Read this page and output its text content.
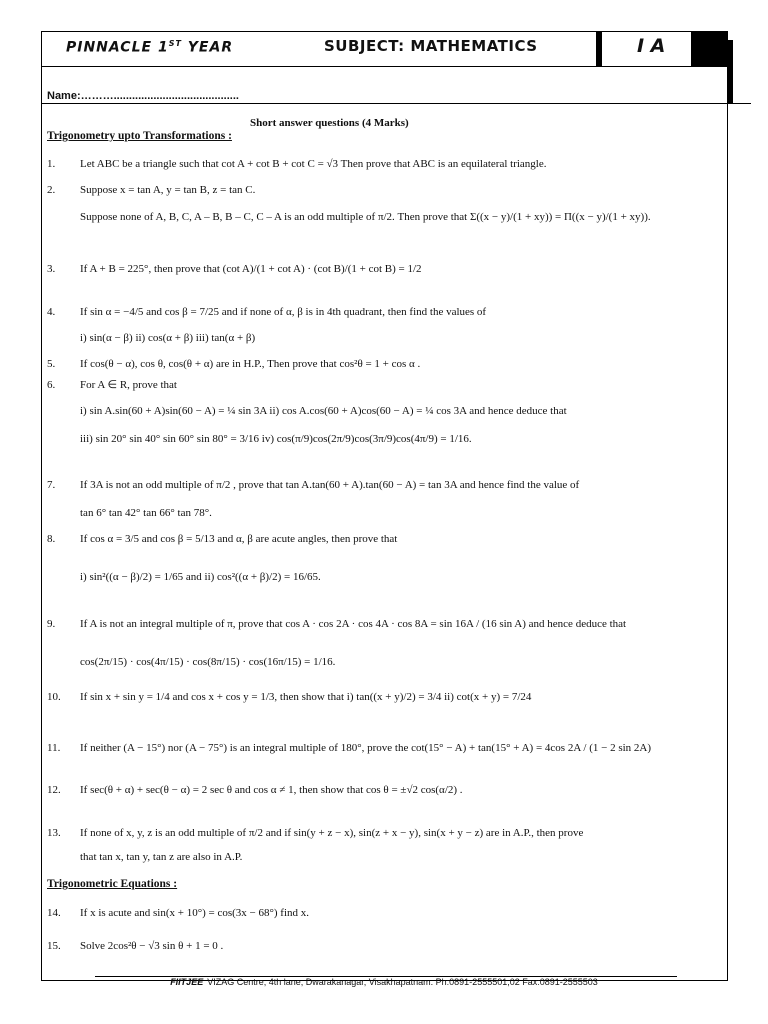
PINNACLE 1ST YEAR	SUBJECT: MATHEMATICS	I A
Name:……….........................................
Short answer questions (4 Marks)
Trigonometry upto Transformations :
1. Let ABC be a triangle such that cot A + cot B + cot C = √3 Then prove that ABC is an equilateral triangle.
2. Suppose x = tan A, y = tan B, z = tan C.
Suppose none of A, B, C, A – B, B – C, C – A is an odd multiple of π/2. Then prove that Σ((x − y)/(1 + xy)) = Π((x − y)/(1 + xy)).
3. If A + B = 225°, then prove that (cot A)/(1 + cot A) · (cot B)/(1 + cot B) = 1/2
4. If sin α = −4/5 and cos β = 7/25 and if none of α, β is in 4th quadrant, then find the values of
i) sin(α − β) ii) cos(α + β) iii) tan(α + β)
5. If cos(θ − α), cos θ, cos(θ + α) are in H.P., Then prove that cos²θ = 1 + cos α .
6. For A ∈ R, prove that
i) sin A.sin(60 + A)sin(60 − A) = ¼ sin 3A ii) cos A.cos(60 + A)cos(60 − A) = ¼ cos 3A and hence deduce that
iii) sin 20° sin 40° sin 60° sin 80° = 3/16 iv) cos(π/9)cos(2π/9)cos(3π/9)cos(4π/9) = 1/16.
7. If 3A is not an odd multiple of π/2 , prove that tan A.tan(60 + A).tan(60 − A) = tan 3A and hence find the value of
tan 6° tan 42° tan 66° tan 78°.
8. If cos α = 3/5 and cos β = 5/13 and α, β are acute angles, then prove that
i) sin²((α − β)/2) = 1/65 and ii) cos²((α + β)/2) = 16/65.
9. If A is not an integral multiple of π, prove that cos A · cos 2A · cos 4A · cos 8A = sin 16A / (16 sin A) and hence deduce that
cos(2π/15) · cos(4π/15) · cos(8π/15) · cos(16π/15) = 1/16.
10. If sin x + sin y = 1/4 and cos x + cos y = 1/3, then show that i) tan((x + y)/2) = 3/4 ii) cot(x + y) = 7/24
11. If neither (A − 15°) nor (A − 75°) is an integral multiple of 180°, prove the cot(15° − A) + tan(15° + A) = 4cos 2A / (1 − 2 sin 2A)
12. If sec(θ + α) + sec(θ − α) = 2 sec θ and cos α ≠ 1, then show that cos θ = ±√2 cos(α/2) .
13. If none of x, y, z is an odd multiple of π/2 and if sin(y + z − x), sin(z + x − y), sin(x + y − z) are in A.P., then prove
that tan x, tan y, tan z are also in A.P.
14. If x is acute and sin(x + 10°) = cos(3x − 68°) find x.
15. Solve 2cos²θ − √3 sin θ + 1 = 0 .
Trigonometric Equations :
FIITJEE VIZAG Centre, 4th lane, Dwarakanagar, Visakhapatnam. Ph:0891-2555501,02 Fax:0891-2555503
